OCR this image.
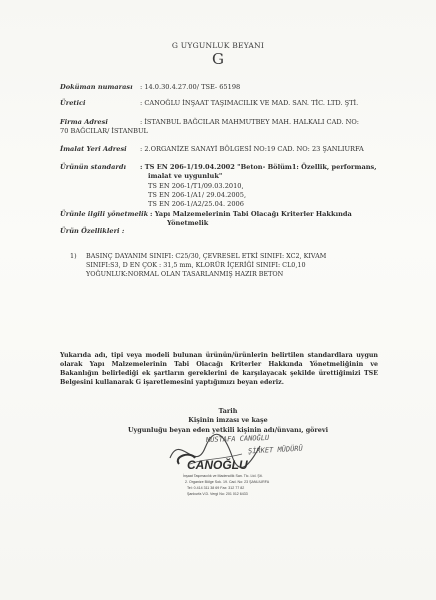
G UYGUNLUK BEYANI
G
Doküman numarası : 14.0.30.4.27.00/ TSE- 65198
Üretici	: CANOĞLU İNŞAAT TAŞIMACILIK VE MAD. SAN. TİC. LTD. ŞTİ.
Firma Adresi	: İSTANBUL BAĞCILAR MAHMUTBEY MAH. HALKALI CAD. NO:
70 BAĞCILAR/ İSTANBUL
İmalat Yeri Adresi : 2.ORGANİZE SANAYİ BÖLGESİ NO:19 CAD. NO: 23 ŞANLIURFA
Ürünün standardı : TS EN 206-1/19.04.2002 "Beton- Bölüm1: Özellik, performans,
imalat ve uygunluk"
TS EN 206-1/T1/09.03.2010,
TS EN 206-1/A1/ 29.04.2005,
TS EN 206-1/A2/25.04. 2006
Ürünle ilgili yönetmelik : Yapı Malzemelerinin Tabi Olacağı Kriterler Hakkında
Yönetmelik
Ürün Özellikleri :
1) BASINÇ DAYANIM SINIFI: C25/30, ÇEVRESEL ETKİ SINIFI: XC2, KIVAM
SINIFI:S3, D EN ÇOK : 31,5 mm, KLORÜR İÇERİĞİ SINIFI: CL0,10
YOĞUNLUK:NORMAL OLAN TASARLANMIŞ HAZIR BETON
Yukarıda adı, tipi veya modeli bulunan ürünün/ürünlerin belirtilen standardlara uygun olarak Yapı Malzemelerinin Tabi Olacağı Kriterler Hakkında Yönetmeliğinin ve Bakanlığın belirlediği ek şartların gereklerini de karşılayacak şekilde ürettiğimizi TSE Belgesini kullanarak G işaretlemesini yaptığımızı beyan ederiz.
Tarih
Kişinin imzası ve kaşe
Uygunluğu beyan eden yetkili kişinin adı/ünvanı, görevi
MUSTAFA CANOĞLU
ŞİRKET MÜDÜRÜ
CANOĞLU
İnşaat Taşımacılık ve Madencilik San. Tic. Ltd. Şti.
2. Organize Bölge Sok. 19. Cad. No: 23 ŞANLIURFA
Tel: 0.414 311 38 69 Fax: 312 77 82
Şanlıurfa V.D. Vergi No: 201 012 6433
